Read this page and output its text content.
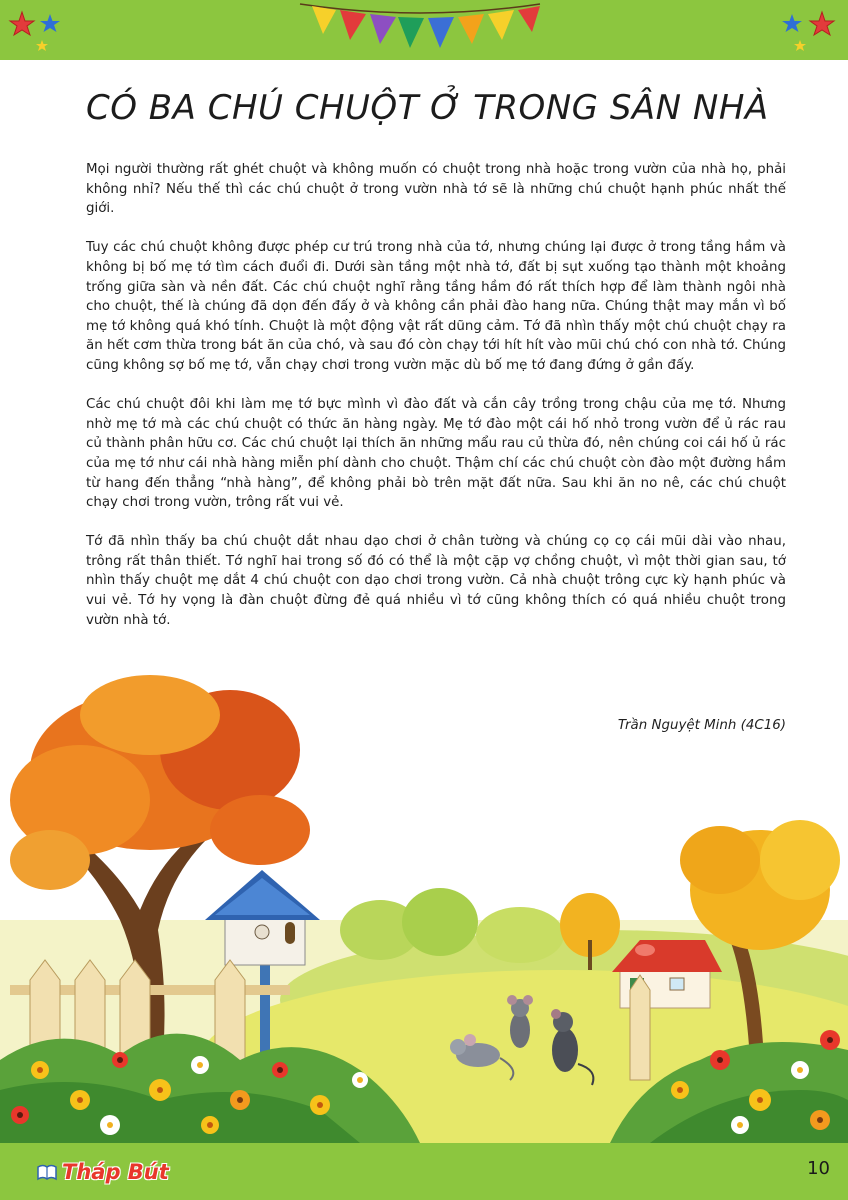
CÓ BA CHÚ CHUỘT Ở TRONG SÂN NHÀ

Mọi người thường rất ghét chuột và không muốn có chuột trong nhà hoặc trong vườn của nhà họ, phải không nhỉ? Nếu thế thì các chú chuột ở trong vườn nhà tớ sẽ là những chú chuột hạnh phúc nhất thế giới.

Tuy các chú chuột không được phép cư trú trong nhà của tớ, nhưng chúng lại được ở trong tầng hầm và không bị bố mẹ tớ tìm cách đuổi đi. Dưới sàn tầng một nhà tớ, đất bị sụt xuống tạo thành một khoảng trống giữa sàn và nền đất. Các chú chuột nghĩ rằng tầng hầm đó rất thích hợp để làm thành ngôi nhà cho chuột, thế là chúng đã dọn đến đấy ở và không cần phải đào hang nữa. Chúng thật may mắn vì bố mẹ tớ không quá khó tính. Chuột là một động vật rất dũng cảm. Tớ đã nhìn thấy một chú chuột chạy ra ăn hết cơm thừa trong bát ăn của chó, và sau đó còn chạy tới hít hít vào mũi chú chó con nhà tớ. Chúng cũng không sợ bố mẹ tớ, vẫn chạy chơi trong vườn mặc dù bố mẹ tớ đang đứng ở gần đấy.

Các chú chuột đôi khi làm mẹ tớ bực mình vì đào đất và cắn cây trồng trong chậu của mẹ tớ. Nhưng nhờ mẹ tớ mà các chú chuột có thức ăn hàng ngày. Mẹ tớ đào một cái hố nhỏ trong vườn để ủ rác rau củ thành phân hữu cơ. Các chú chuột lại thích ăn những mẩu rau củ thừa đó, nên chúng coi cái hố ủ rác của mẹ tớ như cái nhà hàng miễn phí dành cho chuột. Thậm chí các chú chuột còn đào một đường hầm từ hang đến thẳng “nhà hàng”, để không phải bò trên mặt đất nữa. Sau khi ăn no nê, các chú chuột chạy chơi trong vườn, trông rất vui vẻ.

Tớ đã nhìn thấy ba chú chuột dắt nhau dạo chơi ở chân tường và chúng cọ cọ cái mũi dài vào nhau, trông rất thân thiết. Tớ nghĩ hai trong số đó có thể là một cặp vợ chồng chuột, vì một thời gian sau, tớ nhìn thấy chuột mẹ dắt 4 chú chuột con dạo chơi trong vườn. Cả nhà chuột trông cực kỳ hạnh phúc và vui vẻ. Tớ hy vọng là đàn chuột đừng đẻ quá nhiều vì tớ cũng không thích có quá nhiều chuột trong vườn nhà tớ.

Trần Nguyệt Minh (4C16)
Tháp Bút	10
